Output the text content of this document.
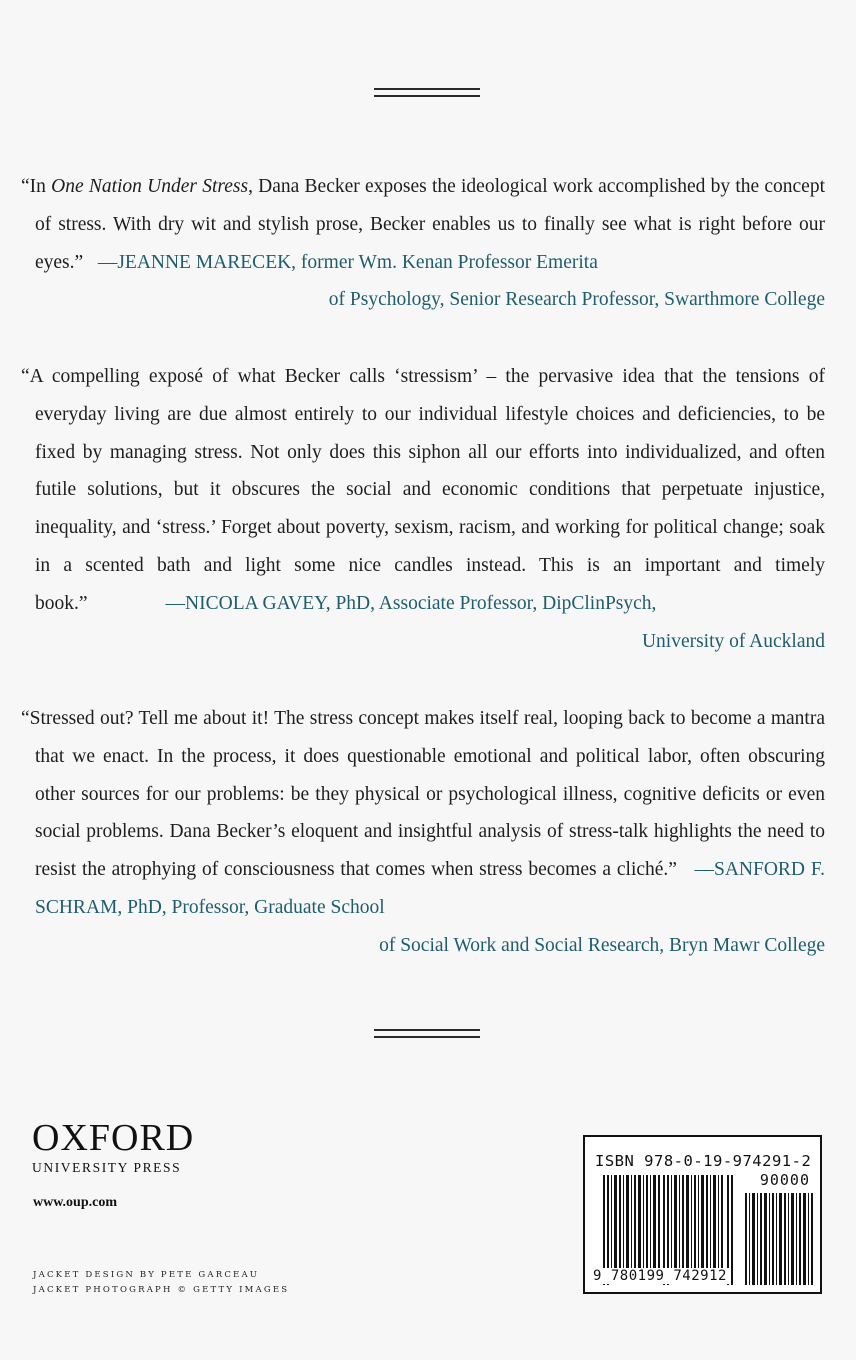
“In One Nation Under Stress, Dana Becker exposes the ideological work accomplished by the concept of stress. With dry wit and stylish prose, Becker enables us to finally see what is right before our eyes.” —JEANNE MARECEK, former Wm. Kenan Professor Emerita
of Psychology, Senior Research Professor, Swarthmore College

“A compelling exposé of what Becker calls ‘stressism’ – the pervasive idea that the tensions of everyday living are due almost entirely to our individual lifestyle choices and deficiencies, to be fixed by managing stress. Not only does this siphon all our efforts into individualized, and often futile solutions, but it obscures the social and economic conditions that perpetuate injustice, inequality, and ‘stress.’ Forget about poverty, sexism, racism, and working for political change; soak in a scented bath and light some nice candles instead. This is an important and timely book.”	—NICOLA GAVEY, PhD, Associate Professor, DipClinPsych,
University of Auckland

“Stressed out? Tell me about it! The stress concept makes itself real, looping back to become a mantra that we enact. In the process, it does questionable emotional and political labor, often obscuring other sources for our problems: be they physical or psychological illness, cognitive deficits or even social problems. Dana Becker’s eloquent and insightful analysis of stress-talk highlights the need to resist the atrophying of consciousness that comes when stress becomes a cliché.” —SANFORD F. SCHRAM, PhD, Professor, Graduate School
of Social Work and Social Research, Bryn Mawr College

OXFORD
UNIVERSITY PRESS
www.oup.com
JACKET DESIGN BY PETE GARCEAU
JACKET PHOTOGRAPH © GETTY IMAGES
ISBN 978-0-19-974291-2
90000
9 780199 742912
